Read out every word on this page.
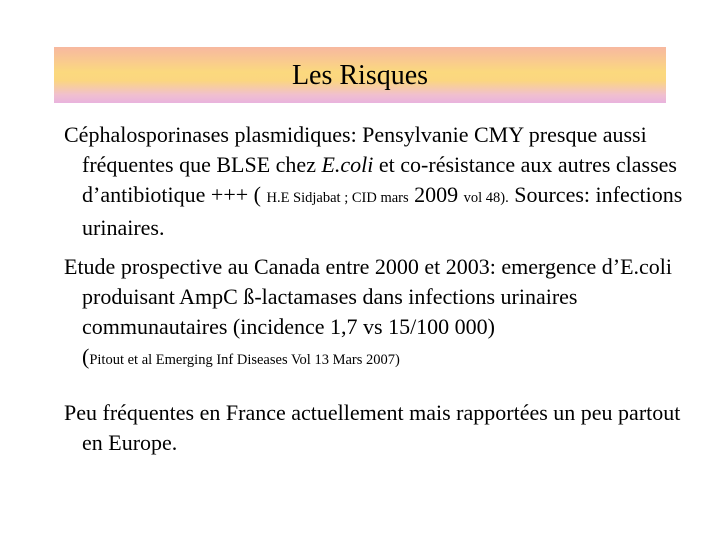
Les Risques
Céphalosporinases plasmidiques: Pensylvanie CMY presque aussi fréquentes que BLSE chez E.coli et co-résistance aux autres classes d’antibiotique +++ ( H.E Sidjabat ; CID mars 2009 vol 48). Sources: infections urinaires.
Etude prospective au Canada entre 2000 et 2003: emergence d’E.coli produisant AmpC ß-lactamases dans infections urinaires communautaires (incidence 1,7 vs 15/100 000)
(Pitout et al Emerging Inf Diseases Vol 13 Mars 2007)
Peu fréquentes en France actuellement mais rapportées un peu partout en Europe.
